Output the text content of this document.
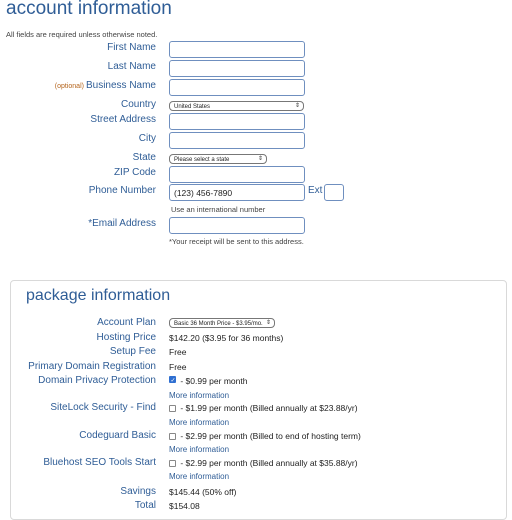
account information
All fields are required unless otherwise noted.
First Name
Last Name
(optional) Business Name
Country	United States	⇕
Street Address
City
State	Please select a state	⇕
ZIP Code
Phone Number	(123) 456-7890	Ext
Use an international number
*Email Address
*Your receipt will be sent to this address.
package information
Account Plan	Basic 36 Month Price - $3.95/mo. ⇕
Hosting Price $142.20 ($3.95 for 36 months)
Setup Fee Free
Primary Domain Registration Free
Domain Privacy Protection
✓	- $0.99 per month
More information
SiteLock Security - Find	- $1.99 per month (Billed annually at $23.88/yr)
More information
Codeguard Basic	- $2.99 per month (Billed to end of hosting term)
More information
Bluehost SEO Tools Start	- $2.99 per month (Billed annually at $35.88/yr)
More information
Savings $145.44 (50% off)
Total $154.08
